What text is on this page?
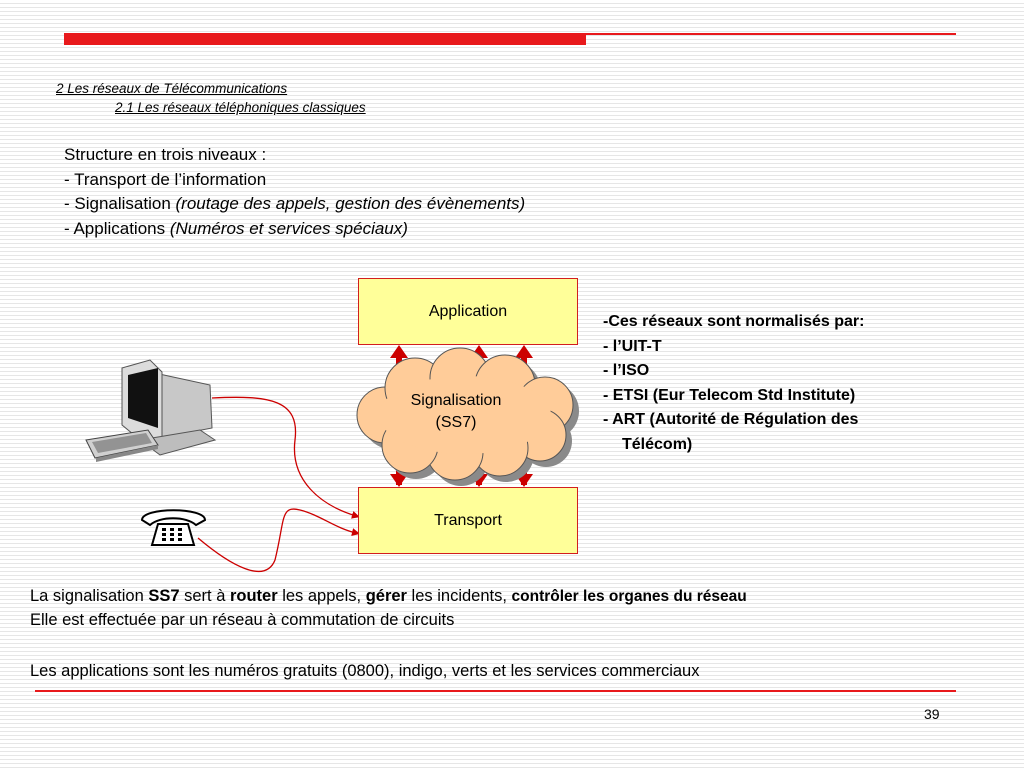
2 Les réseaux de Télécommunications
2.1 Les réseaux téléphoniques classiques
Structure en trois niveaux :
- Transport de l’information
- Signalisation (routage des appels, gestion des évènements)
- Applications (Numéros et services spéciaux)
Application
Transport
Signalisation
(SS7)
-Ces réseaux sont normalisés par:
- l’UIT-T
- l’ISO
- ETSI (Eur Telecom Std Institute)
- ART (Autorité de Régulation des
Télécom)
La signalisation SS7 sert à router les appels, gérer les incidents, contrôler les organes du réseau
Elle est effectuée par un réseau à commutation de circuits
Les applications sont les numéros gratuits (0800), indigo, verts et les services commerciaux
39
